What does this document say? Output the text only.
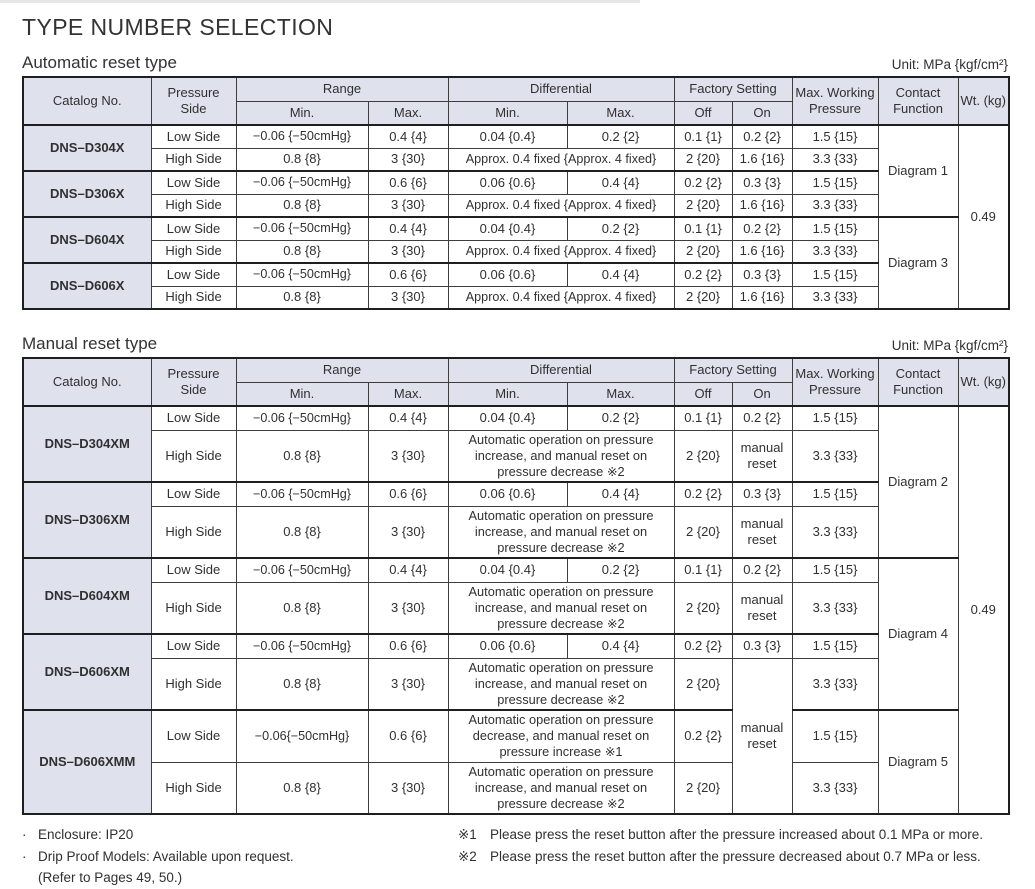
TYPE NUMBER SELECTION
Automatic reset type	Unit: MPa {kgf/cm²}
Catalog No.	Pressure Side	Range		Differential		Factory Setting		Max. Working Pressure	Contact Function	Wt. (kg)
		Min.	Max.	Min.	Max.	Off	On			
DNS–D304X	Low Side	−0.06 {−50cmHg}	0.4 {4}	0.04 {0.4}	0.2 {2}	0.1 {1}	0.2 {2}	1.5 {15}	Diagram 1	0.49
	High Side	0.8 {8}	3 {30}	Approx. 0.4 fixed {Approx. 4 fixed}		2 {20}	1.6 {16}	3.3 {33}		
DNS–D306X	Low Side	−0.06 {−50cmHg}	0.6 {6}	0.06 {0.6}	0.4 {4}	0.2 {2}	0.3 {3}	1.5 {15}		
	High Side	0.8 {8}	3 {30}	Approx. 0.4 fixed {Approx. 4 fixed}		2 {20}	1.6 {16}	3.3 {33}		
DNS–D604X	Low Side	−0.06 {−50cmHg}	0.4 {4}	0.04 {0.4}	0.2 {2}	0.1 {1}	0.2 {2}	1.5 {15}	Diagram 3	
	High Side	0.8 {8}	3 {30}	Approx. 0.4 fixed {Approx. 4 fixed}		2 {20}	1.6 {16}	3.3 {33}		
DNS–D606X	Low Side	−0.06 {−50cmHg}	0.6 {6}	0.06 {0.6}	0.4 {4}	0.2 {2}	0.3 {3}	1.5 {15}		
	High Side	0.8 {8}	3 {30}	Approx. 0.4 fixed {Approx. 4 fixed}		2 {20}	1.6 {16}	3.3 {33}		
Manual reset type	Unit: MPa {kgf/cm²}
Catalog No.	Pressure Side	Range		Differential		Factory Setting		Max. Working Pressure	Contact Function	Wt. (kg)
		Min.	Max.	Min.	Max.	Off	On			
DNS–D304XM	Low Side	−0.06 {−50cmHg}	0.4 {4}	0.04 {0.4}	0.2 {2}	0.1 {1}	0.2 {2}	1.5 {15}	Diagram 2	0.49
	High Side	0.8 {8}	3 {30}	Automatic operation on pressure increase, and manual reset on pressure decrease ※2		2 {20}	manual reset	3.3 {33}		
DNS–D306XM	Low Side	−0.06 {−50cmHg}	0.6 {6}	0.06 {0.6}	0.4 {4}	0.2 {2}	0.3 {3}	1.5 {15}		
	High Side	0.8 {8}	3 {30}	Automatic operation on pressure increase, and manual reset on pressure decrease ※2		2 {20}	manual reset	3.3 {33}		
DNS–D604XM	Low Side	−0.06 {−50cmHg}	0.4 {4}	0.04 {0.4}	0.2 {2}	0.1 {1}	0.2 {2}	1.5 {15}	Diagram 4	
	High Side	0.8 {8}	3 {30}	Automatic operation on pressure increase, and manual reset on pressure decrease ※2		2 {20}	manual reset	3.3 {33}		
DNS–D606XM	Low Side	−0.06 {−50cmHg}	0.6 {6}	0.06 {0.6}	0.4 {4}	0.2 {2}	0.3 {3}	1.5 {15}		
	High Side	0.8 {8}	3 {30}	Automatic operation on pressure increase, and manual reset on pressure decrease ※2		2 {20}	manual reset	3.3 {33}		
DNS–D606XMM	Low Side	−0.06{−50cmHg}	0.6 {6}	Automatic operation on pressure decrease, and manual reset on pressure increase ※1		0.2 {2}		1.5 {15}	Diagram 5	
	High Side	0.8 {8}	3 {30}	Automatic operation on pressure increase, and manual reset on pressure decrease ※2		2 {20}		3.3 {33}		
· Enclosure: IP20
· Drip Proof Models: Available upon request.
(Refer to Pages 49, 50.)
※1 Please press the reset button after the pressure increased about 0.1 MPa or more.
※2 Please press the reset button after the pressure decreased about 0.7 MPa or less.
